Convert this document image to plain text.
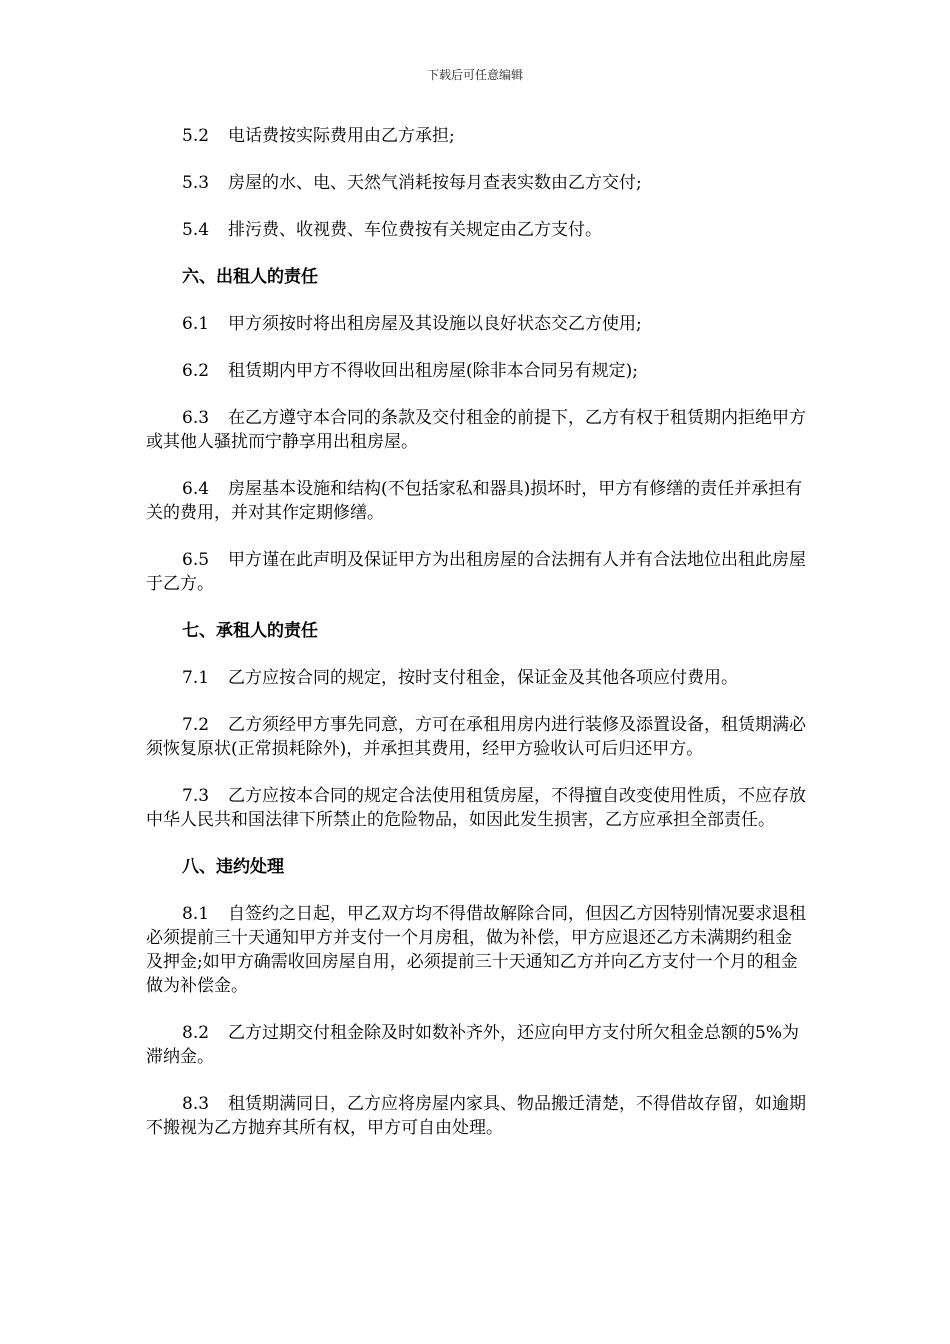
下载后可任意编辑

5.2 电话费按实际费用由乙方承担;

5.3 房屋的水、电、天然气消耗按每月查表实数由乙方交付;

5.4 排污费、收视费、车位费按有关规定由乙方支付。

六、出租人的责任

6.1 甲方须按时将出租房屋及其设施以良好状态交乙方使用;

6.2 租赁期内甲方不得收回出租房屋(除非本合同另有规定);

6.3 在乙方遵守本合同的条款及交付租金的前提下，乙方有权于租赁期内拒绝甲方或其他人骚扰而宁静享用出租房屋。

6.4 房屋基本设施和结构(不包括家私和器具)损坏时，甲方有修缮的责任并承担有关的费用，并对其作定期修缮。

6.5 甲方谨在此声明及保证甲方为出租房屋的合法拥有人并有合法地位出租此房屋于乙方。

七、承租人的责任

7.1 乙方应按合同的规定，按时支付租金，保证金及其他各项应付费用。

7.2 乙方须经甲方事先同意，方可在承租用房内进行装修及添置设备，租赁期满必须恢复原状(正常损耗除外)，并承担其费用，经甲方验收认可后归还甲方。

7.3 乙方应按本合同的规定合法使用租赁房屋，不得擅自改变使用性质，不应存放中华人民共和国法律下所禁止的危险物品，如因此发生损害，乙方应承担全部责任。

八、违约处理

8.1 自签约之日起，甲乙双方均不得借故解除合同，但因乙方因特别情况要求退租必须提前三十天通知甲方并支付一个月房租，做为补偿，甲方应退还乙方未满期约租金及押金;如甲方确需收回房屋自用，必须提前三十天通知乙方并向乙方支付一个月的租金做为补偿金。

8.2 乙方过期交付租金除及时如数补齐外，还应向甲方支付所欠租金总额的5%为滞纳金。

8.3 租赁期满同日，乙方应将房屋内家具、物品搬迁清楚，不得借故存留，如逾期不搬视为乙方抛弃其所有权，甲方可自由处理。
